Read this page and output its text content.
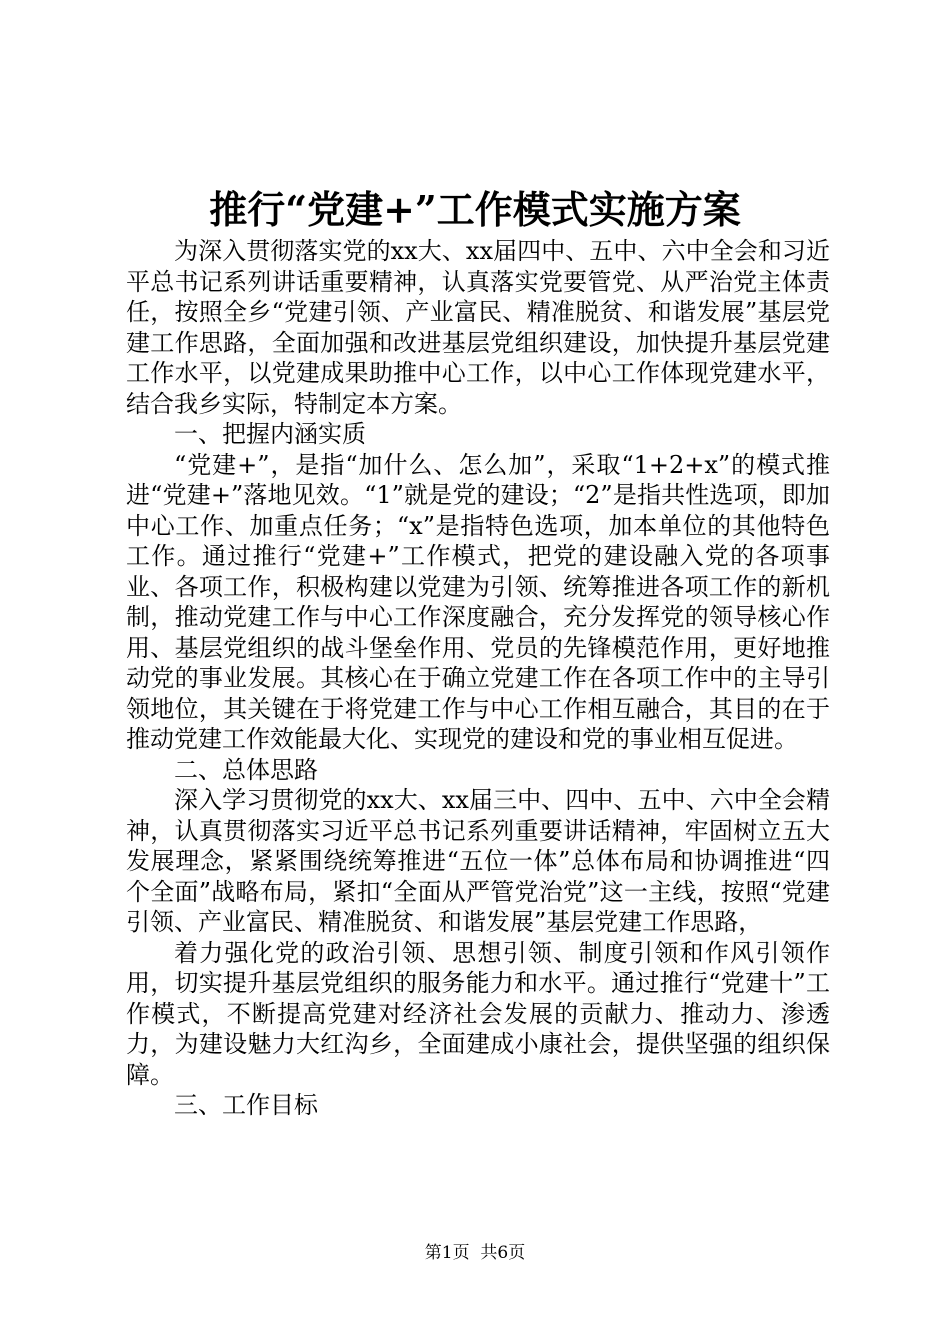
推行“党建+”工作模式实施方案

为深入贯彻落实党的xx大、xx届四中、五中、六中全会和习近平总书记系列讲话重要精神，认真落实党要管党、从严治党主体责任，按照全乡“党建引领、产业富民、精准脱贫、和谐发展”基层党建工作思路，全面加强和改进基层党组织建设，加快提升基层党建工作水平，以党建成果助推中心工作，以中心工作体现党建水平，结合我乡实际，特制定本方案。

一、把握内涵实质

“党建+”，是指“加什么、怎么加”，采取“1+2+x”的模式推进“党建+”落地见效。“1”就是党的建设；“2”是指共性选项，即加中心工作、加重点任务；“x”是指特色选项，加本单位的其他特色工作。通过推行“党建+”工作模式，把党的建设融入党的各项事业、各项工作，积极构建以党建为引领、统筹推进各项工作的新机制，推动党建工作与中心工作深度融合，充分发挥党的领导核心作用、基层党组织的战斗堡垒作用、党员的先锋模范作用，更好地推动党的事业发展。其核心在于确立党建工作在各项工作中的主导引领地位，其关键在于将党建工作与中心工作相互融合，其目的在于推动党建工作效能最大化、实现党的建设和党的事业相互促进。

二、总体思路

深入学习贯彻党的xx大、xx届三中、四中、五中、六中全会精神，认真贯彻落实习近平总书记系列重要讲话精神，牢固树立五大发展理念，紧紧围绕统筹推进“五位一体”总体布局和协调推进“四个全面”战略布局，紧扣“全面从严管党治党”这一主线，按照“党建引领、产业富民、精准脱贫、和谐发展”基层党建工作思路，

着力强化党的政治引领、思想引领、制度引领和作风引领作用，切实提升基层党组织的服务能力和水平。通过推行“党建十”工作模式，不断提高党建对经济社会发展的贡献力、推动力、渗透力，为建设魅力大红沟乡，全面建成小康社会，提供坚强的组织保障。

三、工作目标

第1页 共6页
